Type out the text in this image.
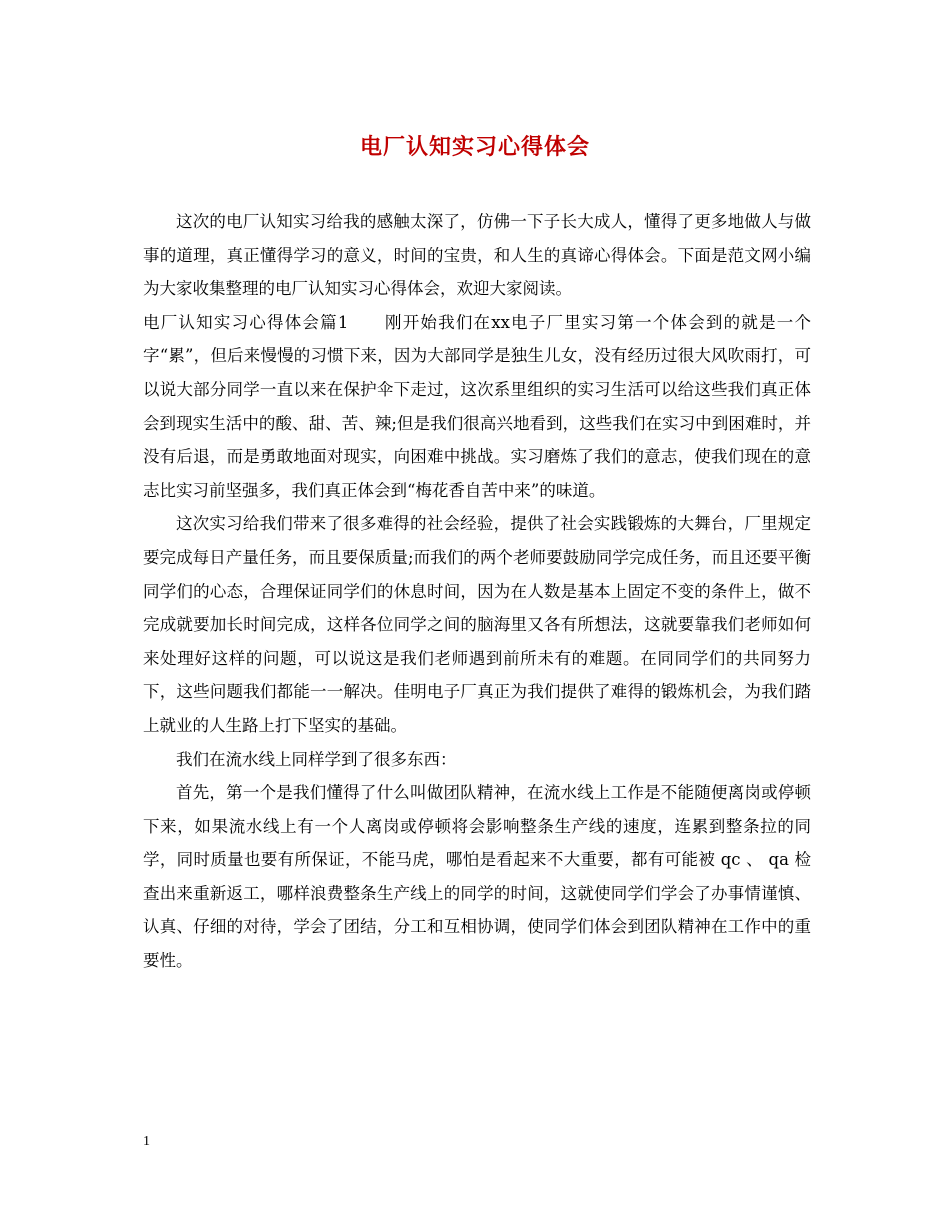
电厂认知实习心得体会

这次的电厂认知实习给我的感触太深了，仿佛一下子长大成人，懂得了更多地做人与做事的道理，真正懂得学习的意义，时间的宝贵，和人生的真谛心得体会。下面是范文网小编为大家收集整理的电厂认知实习心得体会，欢迎大家阅读。

电厂认知实习心得体会篇1　　刚开始我们在xx电子厂里实习第一个体会到的就是一个字“累”，但后来慢慢的习惯下来，因为大部同学是独生儿女，没有经历过很大风吹雨打，可以说大部分同学一直以来在保护伞下走过，这次系里组织的实习生活可以给这些我们真正体会到现实生活中的酸、甜、苦、辣;但是我们很高兴地看到，这些我们在实习中到困难时，并没有后退，而是勇敢地面对现实，向困难中挑战。实习磨炼了我们的意志，使我们现在的意志比实习前坚强多，我们真正体会到“梅花香自苦中来”的味道。

这次实习给我们带来了很多难得的社会经验，提供了社会实践锻炼的大舞台，厂里规定要完成每日产量任务，而且要保质量;而我们的两个老师要鼓励同学完成任务，而且还要平衡同学们的心态，合理保证同学们的休息时间，因为在人数是基本上固定不变的条件上，做不完成就要加长时间完成，这样各位同学之间的脑海里又各有所想法，这就要靠我们老师如何来处理好这样的问题，可以说这是我们老师遇到前所未有的难题。在同同学们的共同努力下，这些问题我们都能一一解决。佳明电子厂真正为我们提供了难得的锻炼机会，为我们踏上就业的人生路上打下坚实的基础。

我们在流水线上同样学到了很多东西：

首先，第一个是我们懂得了什么叫做团队精神，在流水线上工作是不能随便离岗或停顿下来，如果流水线上有一个人离岗或停顿将会影响整条生产线的速度，连累到整条拉的同学，同时质量也要有所保证，不能马虎，哪怕是看起来不大重要，都有可能被 qc 、 qa 检查出来重新返工，哪样浪费整条生产线上的同学的时间，这就使同学们学会了办事情谨慎、认真、仔细的对待，学会了团结，分工和互相协调，使同学们体会到团队精神在工作中的重要性。

1
